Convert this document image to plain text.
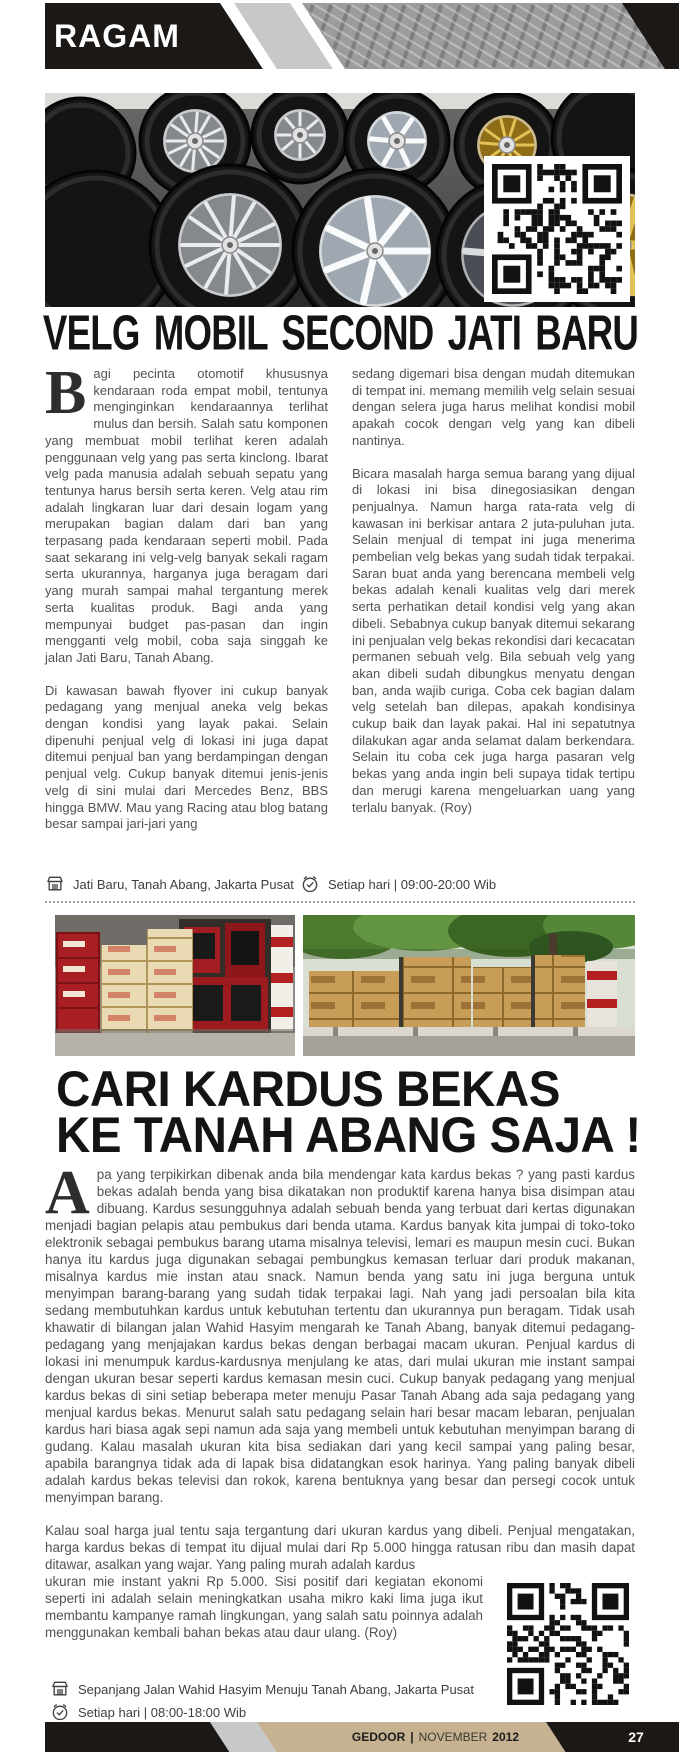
RAGAM
VELG MOBIL SECOND JATI BARU

Bagi pecinta otomotif khususnya kendaraan roda empat mobil, tentunya menginginkan kendaraannya terlihat mulus dan bersih. Salah satu komponen yang membuat mobil terlihat keren adalah penggunaan velg yang pas serta kinclong. Ibarat velg pada manusia adalah sebuah sepatu yang tentunya harus bersih serta keren. Velg atau rim adalah lingkaran luar dari desain logam yang merupakan bagian dalam dari ban yang terpasang pada kendaraan seperti mobil. Pada saat sekarang ini velg-velg banyak sekali ragam serta ukurannya, harganya juga beragam dari yang murah sampai mahal tergantung merek serta kualitas produk. Bagi anda yang mempunyai budget pas-pasan dan ingin mengganti velg mobil, coba saja singgah ke jalan Jati Baru, Tanah Abang.

Di kawasan bawah flyover ini cukup banyak pedagang yang menjual aneka velg bekas dengan kondisi yang layak pakai. Selain dipenuhi penjual velg di lokasi ini juga dapat ditemui penjual ban yang berdampingan dengan penjual velg. Cukup banyak ditemui jenis-jenis velg di sini mulai dari Mercedes Benz, BBS hingga BMW. Mau yang Racing atau blog batang besar sampai jari-jari yang

sedang digemari bisa dengan mudah ditemukan di tempat ini. memang memilih velg selain sesuai dengan selera juga harus melihat kondisi mobil apakah cocok dengan velg yang kan dibeli nantinya.

Bicara masalah harga semua barang yang dijual di lokasi ini bisa dinegosiasikan dengan penjualnya. Namun harga rata-rata velg di kawasan ini berkisar antara 2 juta-puluhan juta. Selain menjual di tempat ini juga menerima pembelian velg bekas yang sudah tidak terpakai. Saran buat anda yang berencana membeli velg bekas adalah kenali kualitas velg dari merek serta perhatikan detail kondisi velg yang akan dibeli. Sebabnya cukup banyak ditemui sekarang ini penjualan velg bekas rekondisi dari kecacatan permanen sebuah velg. Bila sebuah velg yang akan dibeli sudah dibungkus menyatu dengan ban, anda wajib curiga. Coba cek bagian dalam velg setelah ban dilepas, apakah kondisinya cukup baik dan layak pakai. Hal ini sepatutnya dilakukan agar anda selamat dalam berkendara. Selain itu coba cek juga harga pasaran velg bekas yang anda ingin beli supaya tidak tertipu dan merugi karena mengeluarkan uang yang terlalu banyak. (Roy)

Jati Baru, Tanah Abang, Jakarta Pusat	Setiap hari | 09:00-20:00 Wib
CARI KARDUS BEKAS
KE TANAH ABANG SAJA !

Apa yang terpikirkan dibenak anda bila mendengar kata kardus bekas ? yang pasti kardus bekas adalah benda yang bisa dikatakan non produktif karena hanya bisa disimpan atau dibuang. Kardus sesungguhnya adalah sebuah benda yang terbuat dari kertas digunakan menjadi bagian pelapis atau pembukus dari benda utama. Kardus banyak kita jumpai di toko-toko elektronik sebagai pembukus barang utama misalnya televisi, lemari es maupun mesin cuci. Bukan hanya itu kardus juga digunakan sebagai pembungkus kemasan terluar dari produk makanan, misalnya kardus mie instan atau snack. Namun benda yang satu ini juga berguna untuk menyimpan barang-barang yang sudah tidak terpakai lagi. Nah yang jadi persoalan bila kita sedang membutuhkan kardus untuk kebutuhan tertentu dan ukurannya pun beragam. Tidak usah khawatir di bilangan jalan Wahid Hasyim mengarah ke Tanah Abang, banyak ditemui pedagang-pedagang yang menjajakan kardus bekas dengan berbagai macam ukuran. Penjual kardus di lokasi ini menumpuk kardus-kardusnya menjulang ke atas, dari mulai ukuran mie instant sampai dengan ukuran besar seperti kardus kemasan mesin cuci. Cukup banyak pedagang yang menjual kardus bekas di sini setiap beberapa meter menuju Pasar Tanah Abang ada saja pedagang yang menjual kardus bekas. Menurut salah satu pedagang selain hari besar macam lebaran, penjualan kardus hari biasa agak sepi namun ada saja yang membeli untuk kebutuhan menyimpan barang di gudang. Kalau masalah ukuran kita bisa sediakan dari yang kecil sampai yang paling besar, apabila barangnya tidak ada di lapak bisa didatangkan esok harinya. Yang paling banyak dibeli adalah kardus bekas televisi dan rokok, karena bentuknya yang besar dan persegi cocok untuk menyimpan barang.

Kalau soal harga jual tentu saja tergantung dari ukuran kardus yang dibeli. Penjual mengatakan, harga kardus bekas di tempat itu dijual mulai dari Rp 5.000 hingga ratusan ribu dan masih dapat ditawar, asalkan yang wajar. Yang paling murah adalah kardus

ukuran mie instant yakni Rp 5.000. Sisi positif dari kegiatan ekonomi seperti ini adalah selain meningkatkan usaha mikro kaki lima juga ikut membantu kampanye ramah lingkungan, yang salah satu poinnya adalah menggunakan kembali bahan bekas atau daur ulang. (Roy)

Sepanjang Jalan Wahid Hasyim Menuju Tanah Abang, Jakarta Pusat
Setiap hari | 08:00-18:00 Wib
GEDOOR | NOVEMBER 2012	27
